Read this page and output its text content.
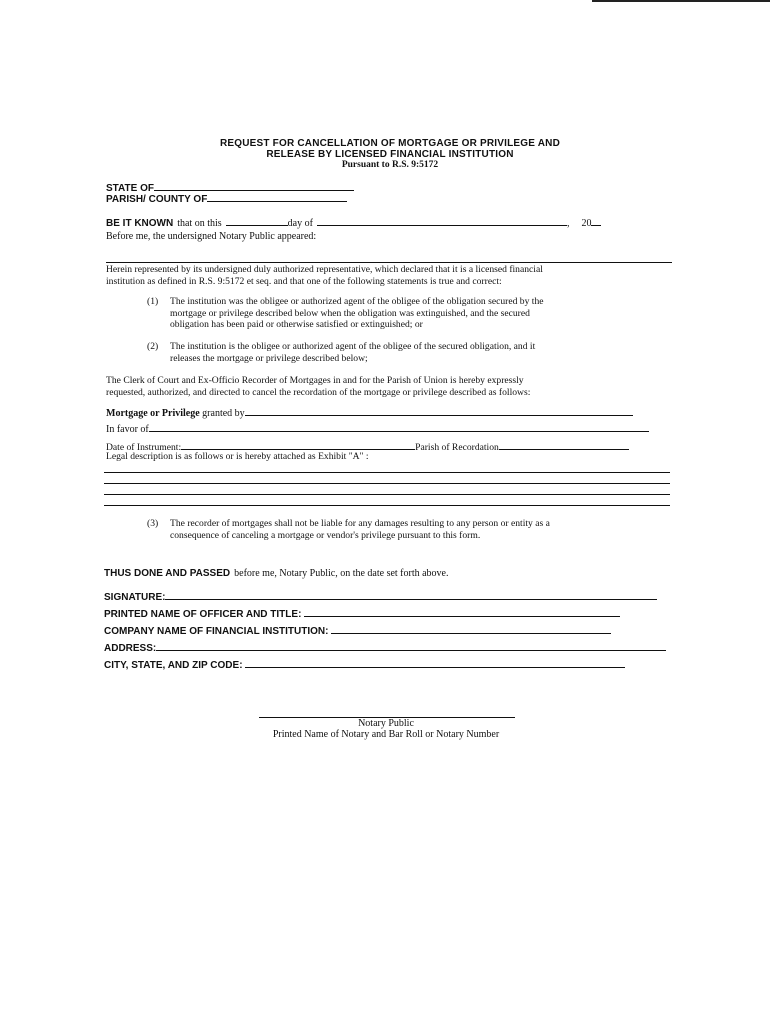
REQUEST FOR CANCELLATION OF MORTGAGE OR PRIVILEGE AND
RELEASE BY LICENSED FINANCIAL INSTITUTION
Pursuant to R.S. 9:5172
STATE OF
PARISH/ COUNTY OF
BE IT KNOWN that on this	day of	, 20
Before me, the undersigned Notary Public appeared:
Herein represented by its undersigned duly authorized representative, which declared that it is a licensed financial
institution as defined in R.S. 9:5172 et seq. and that one of the following statements is true and correct:
(1) The institution was the obligee or authorized agent of the obligee of the obligation secured by the
mortgage or privilege described below when the obligation was extinguished, and the secured
obligation has been paid or otherwise satisfied or extinguished; or
(2) The institution is the obligee or authorized agent of the obligee of the secured obligation, and it
releases the mortgage or privilege described below;
The Clerk of Court and Ex-Officio Recorder of Mortgages in and for the Parish of Union is hereby expressly
requested, authorized, and directed to cancel the recordation of the mortgage or privilege described as follows:
Mortgage or Privilege granted by
In favor of
Date of Instrument:	Parish of Recordation
Legal description is as follows or is hereby attached as Exhibit "A" :
(3) The recorder of mortgages shall not be liable for any damages resulting to any person or entity as a
consequence of canceling a mortgage or vendor's privilege pursuant to this form.
THUS DONE AND PASSED before me, Notary Public, on the date set forth above.
SIGNATURE:
PRINTED NAME OF OFFICER AND TITLE:
COMPANY NAME OF FINANCIAL INSTITUTION:
ADDRESS:
CITY, STATE, AND ZIP CODE:
Notary Public
Printed Name of Notary and Bar Roll or Notary Number
